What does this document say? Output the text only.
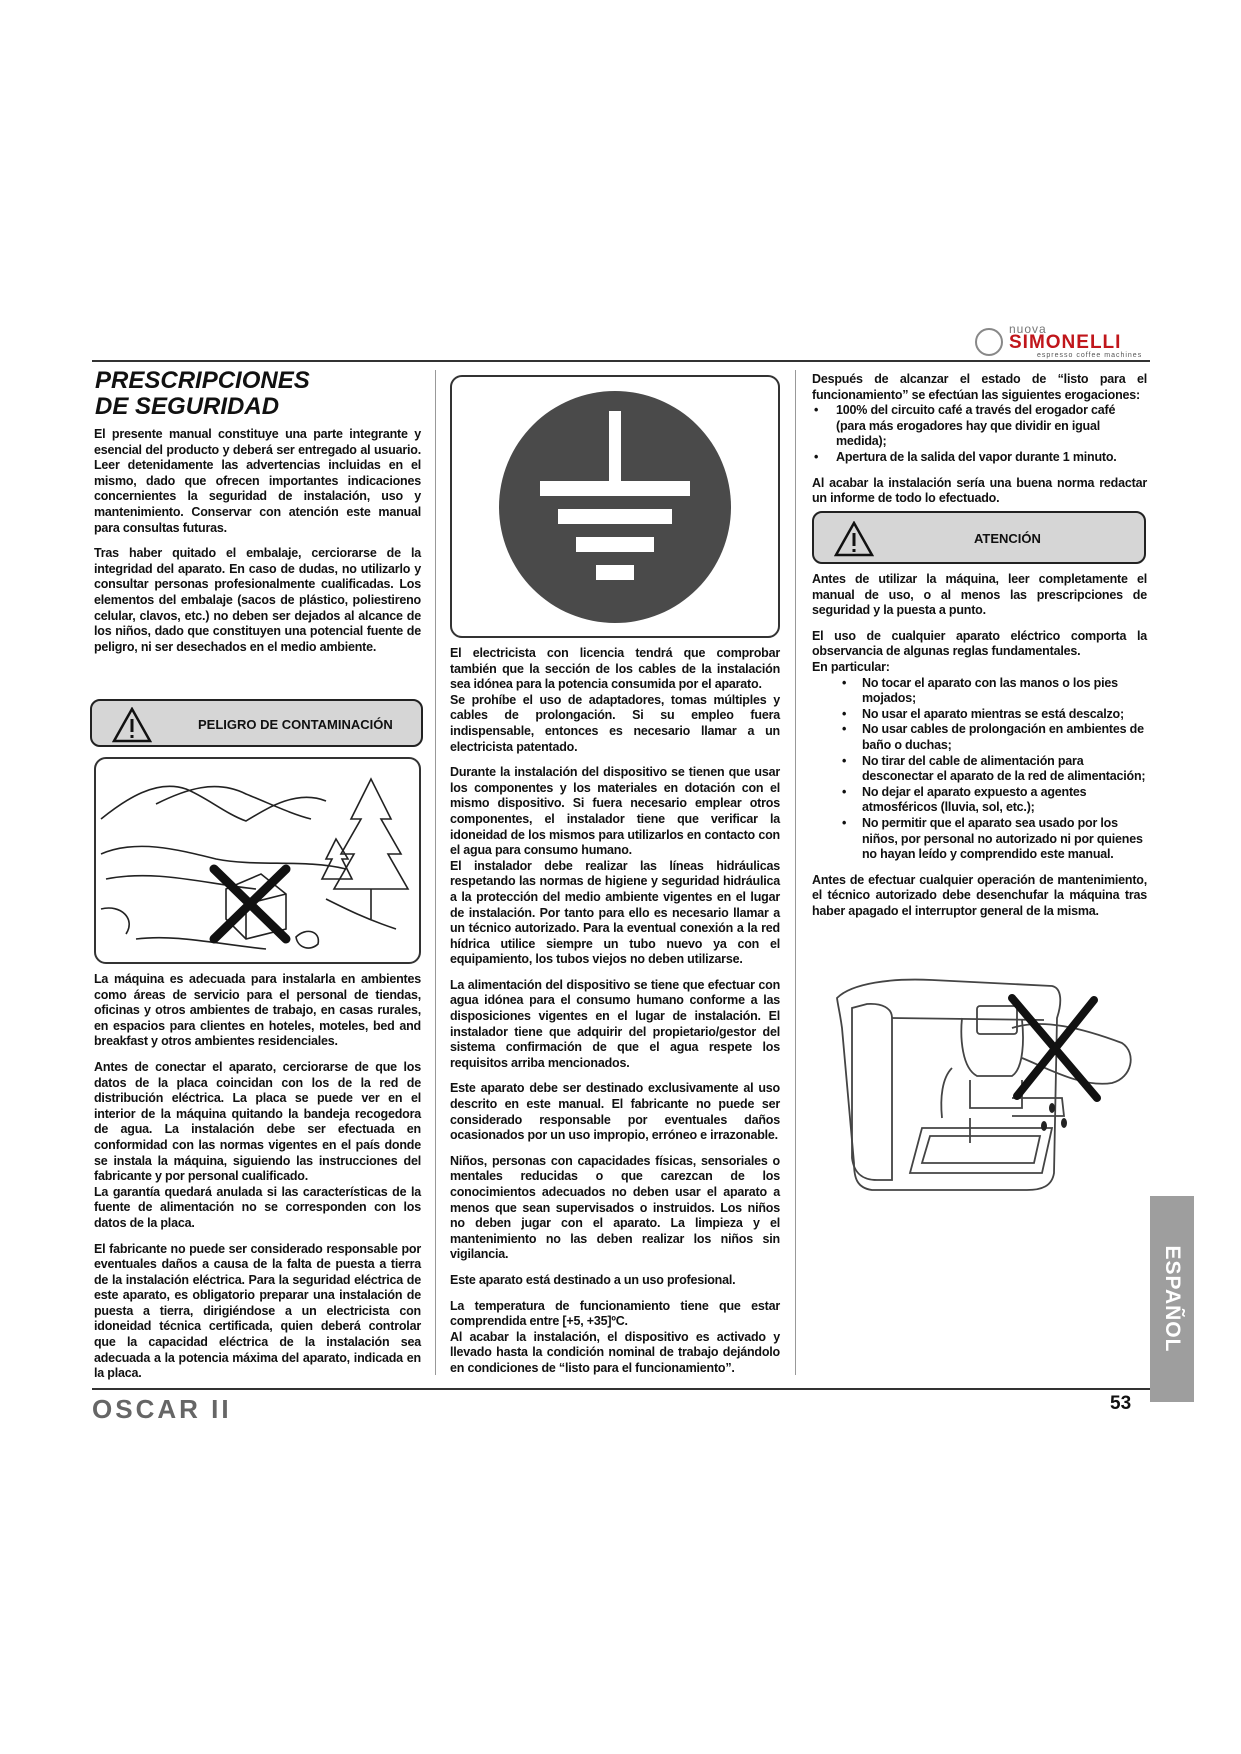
nuova
SIMONELLI
espresso coffee machines
PRESCRIPCIONES
DE SEGURIDAD

El presente manual constituye una parte integrante y esencial del producto y deberá ser entregado al usuario. Leer detenidamente las advertencias incluidas en el mismo, dado que ofrecen importantes indicaciones concernientes la seguridad de instalación, uso y mantenimiento. Conservar con atención este manual para consultas futuras.

Tras haber quitado el embalaje, cerciorarse de la integridad del aparato. En caso de dudas, no utilizarlo y consultar personas profesionalmente cualificadas. Los elementos del embalaje (sacos de plástico, poliestireno celular, clavos, etc.) no deben ser dejados al alcance de los niños, dado que constituyen una potencial fuente de peligro, ni ser desechados en el medio ambiente.

PELIGRO DE CONTAMINACIÓN

La máquina es adecuada para instalarla en ambientes como áreas de servicio para el personal de tiendas, oficinas y otros ambientes de trabajo, en casas rurales, en espacios para clientes en hoteles, moteles, bed and breakfast y otros ambientes residenciales.

Antes de conectar el aparato, cerciorarse de que los datos de la placa coincidan con los de la red de distribución eléctrica. La placa se puede ver en el interior de la máquina quitando la bandeja recogedora de agua. La instalación debe ser efectuada en conformidad con las normas vigentes en el país donde se instala la máquina, siguiendo las instrucciones del fabricante y por personal cualificado.

La garantía quedará anulada si las características de la fuente de alimentación no se corresponden con los datos de la placa.

El fabricante no puede ser considerado responsable por eventuales daños a causa de la falta de puesta a tierra de la instalación eléctrica. Para la seguridad eléctrica de este aparato, es obligatorio preparar una instalación de puesta a tierra, dirigiéndose a un electricista con idoneidad técnica certificada, quien deberá controlar que la capacidad eléctrica de la instalación sea adecuada a la potencia máxima del aparato, indicada en la placa.

El electricista con licencia tendrá que comprobar también que la sección de los cables de la instalación sea idónea para la potencia consumida por el aparato.

Se prohíbe el uso de adaptadores, tomas múltiples y cables de prolongación. Si su empleo fuera indispensable, entonces es necesario llamar a un electricista patentado.

Durante la instalación del dispositivo se tienen que usar los componentes y los materiales en dotación con el mismo dispositivo. Si fuera necesario emplear otros componentes, el instalador tiene que verificar la idoneidad de los mismos para utilizarlos en contacto con el agua para consumo humano.

El instalador debe realizar las líneas hidráulicas respetando las normas de higiene y seguridad hidráulica a la protección del medio ambiente vigentes en el lugar de instalación. Por tanto para ello es necesario llamar a un técnico autorizado. Para la eventual conexión a la red hídrica utilice siempre un tubo nuevo ya con el equipamiento, los tubos viejos no deben utilizarse.

La alimentación del dispositivo se tiene que efectuar con agua idónea para el consumo humano conforme a las disposiciones vigentes en el lugar de instalación. El instalador tiene que adquirir del propietario/gestor del sistema confirmación de que el agua respete los requisitos arriba mencionados.

Este aparato debe ser destinado exclusivamente al uso descrito en este manual. El fabricante no puede ser considerado responsable por eventuales daños ocasionados por un uso impropio, erróneo e irrazonable.

Niños, personas con capacidades físicas, sensoriales o mentales reducidas o que carezcan de los conocimientos adecuados no deben usar el aparato a menos que sean supervisados o instruidos. Los niños no deben jugar con el aparato. La limpieza y el mantenimiento no las deben realizar los niños sin vigilancia.

Este aparato está destinado a un uso profesional.

La temperatura de funcionamiento tiene que estar comprendida entre [+5, +35]ºC.

Al acabar la instalación, el dispositivo es activado y llevado hasta la condición nominal de trabajo dejándolo en condiciones de “listo para el funcionamiento”.

Después de alcanzar el estado de “listo para el funcionamiento” se efectúan las siguientes erogaciones:

• 100% del circuito café a través del erogador café (para más erogadores hay que dividir en igual medida);
• Apertura de la salida del vapor durante 1 minuto.

Al acabar la instalación sería una buena norma redactar un informe de todo lo efectuado.

ATENCIÓN

Antes de utilizar la máquina, leer completamente el manual de uso, o al menos las prescripciones de seguridad y la puesta a punto.

El uso de cualquier aparato eléctrico comporta la observancia de algunas reglas fundamentales.

En particular:

• No tocar el aparato con las manos o los pies mojados;
• No usar el aparato mientras se está descalzo;
• No usar cables de prolongación en ambientes de baño o duchas;
• No tirar del cable de alimentación para desconectar el aparato de la red de alimentación;
• No dejar el aparato expuesto a agentes atmosféricos (lluvia, sol, etc.);
• No permitir que el aparato sea usado por los niños, por personal no autorizado ni por quienes no hayan leído y comprendido este manual.

Antes de efectuar cualquier operación de mantenimiento, el técnico autorizado debe desenchufar la máquina tras haber apagado el interruptor general de la misma.

OSCAR II	53
ESPAÑOL
